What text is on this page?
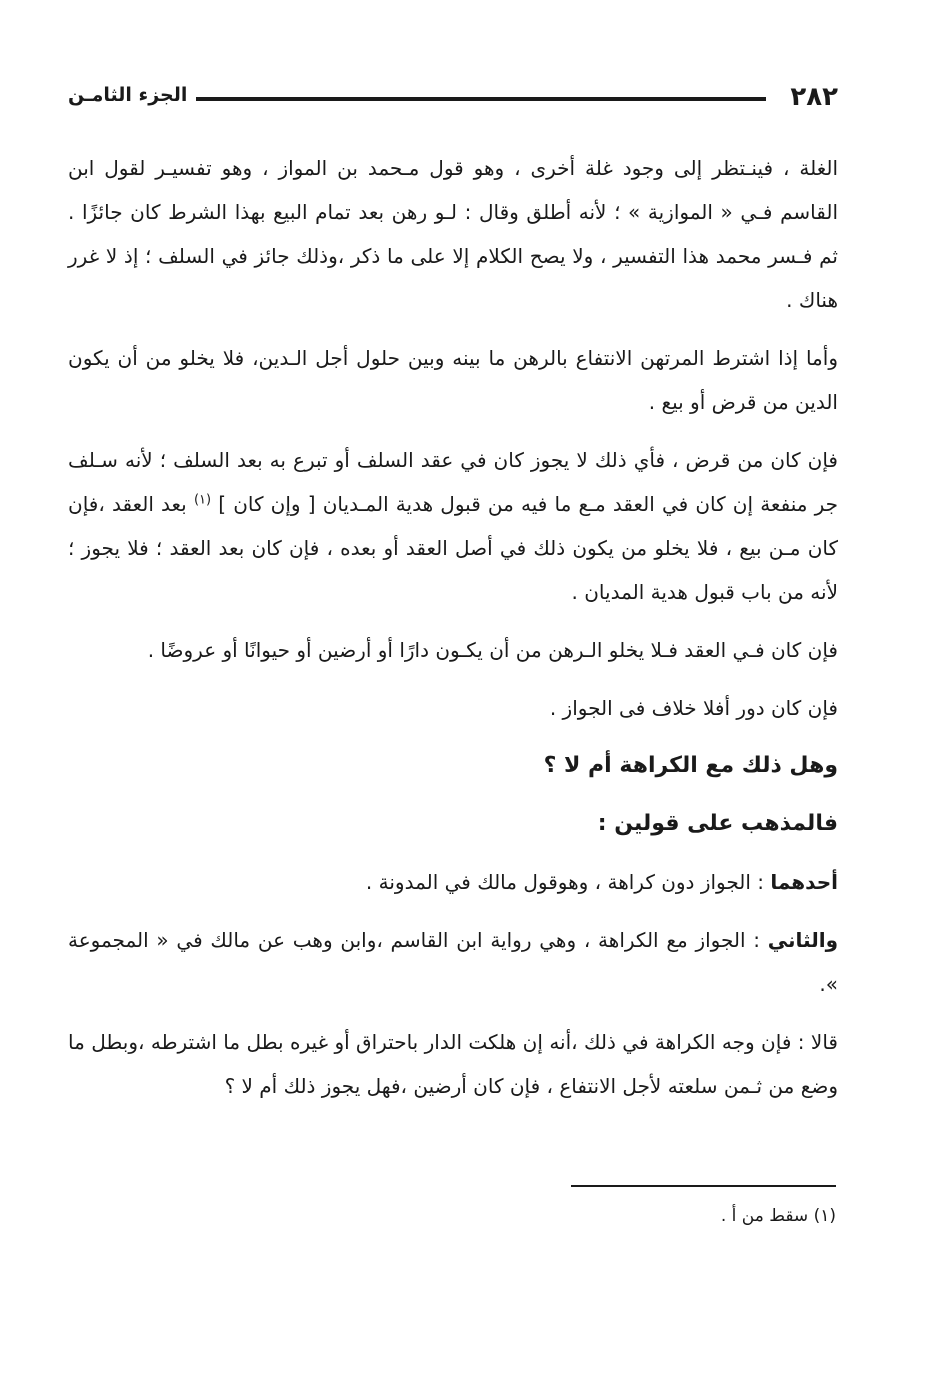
٢٨٢
الجزء الثامـن

الغلة ، فينـتظر إلى وجود غلة أخرى ، وهو قول مـحمد بن المواز ، وهو تفسيـر لقول ابن القاسم فـي « الموازية » ؛ لأنه أطلق وقال : لـو رهن بعد تمام البيع بهذا الشرط كان جائزًا . ثم فـسر محمد هذا التفسير ، ولا يصح الكلام إلا على ما ذكر ،وذلك جائز في السلف ؛ إذ لا غرر هناك .

وأما إذا اشترط المرتهن الانتفاع بالرهن ما بينه وبين حلول أجل الـدين، فلا يخلو من أن يكون الدين من قرض أو بيع .

فإن كان من قرض ، فأي ذلك لا يجوز كان في عقد السلف أو تبرع به بعد السلف ؛ لأنه سـلف جر منفعة إن كان في العقد مـع ما فيه من قبول هدية المـديان [ وإن كان ] $^{(١)}$ بعد العقد ،فإن كان مـن بيع ، فلا يخلو من يكون ذلك في أصل العقد أو بعده ، فإن كان بعد العقد ؛ فلا يجوز ؛لأنه من باب قبول هدية المديان .

فإن كان فـي العقد فـلا يخلو الـرهن من أن يكـون دارًا أو أرضين أو حيوانًا أو عروضًا .

فإن كان دور أفلا خلاف فى الجواز .

وهل ذلك مع الكراهة أم لا ؟

فالمذهب على قولين :

أحدهما : الجواز دون كراهة ، وهوقول مالك في المدونة .

والثاني : الجواز مع الكراهة ، وهي رواية ابن القاسم ،وابن وهب عن مالك في « المجموعة ».

قالا : فإن وجه الكراهة في ذلك ،أنه إن هلكت الدار باحتراق أو غيره بطل ما اشترطه ،وبطل ما وضع من ثـمن سلعته لأجل الانتفاع ، فإن كان أرضين ،فهل يجوز ذلك أم لا ؟

(١) سقط من أ .
